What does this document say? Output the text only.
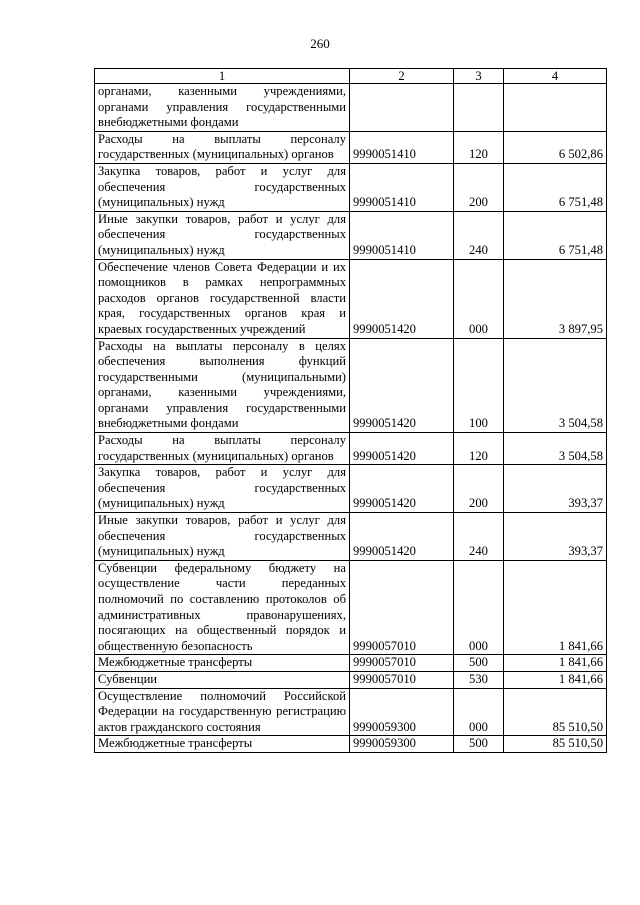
260
1	2	3	4
органами, казенными учреждениями, органами управления государственными внебюджетными фондами			
Расходы на выплаты персоналу государственных (муниципальных) органов	9990051410	120	6 502,86
Закупка товаров, работ и услуг для обеспечения государственных (муниципальных) нужд	9990051410	200	6 751,48
Иные закупки товаров, работ и услуг для обеспечения государственных (муниципальных) нужд	9990051410	240	6 751,48
Обеспечение членов Совета Федерации и их помощников в рамках непрограммных расходов органов государственной власти края, государственных органов края и краевых государственных учреждений	9990051420	000	3 897,95
Расходы на выплаты персоналу в целях обеспечения выполнения функций государственными (муниципальными) органами, казенными учреждениями, органами управления государственными внебюджетными фондами	9990051420	100	3 504,58
Расходы на выплаты персоналу государственных (муниципальных) органов	9990051420	120	3 504,58
Закупка товаров, работ и услуг для обеспечения государственных (муниципальных) нужд	9990051420	200	393,37
Иные закупки товаров, работ и услуг для обеспечения государственных (муниципальных) нужд	9990051420	240	393,37
Субвенции федеральному бюджету на осуществление части переданных полномочий по составлению протоколов об административных правонарушениях, посягающих на общественный порядок и общественную безопасность	9990057010	000	1 841,66
Межбюджетные трансферты	9990057010	500	1 841,66
Субвенции	9990057010	530	1 841,66
Осуществление полномочий Российской Федерации на государственную регистрацию актов гражданского состояния	9990059300	000	85 510,50
Межбюджетные трансферты	9990059300	500	85 510,50
